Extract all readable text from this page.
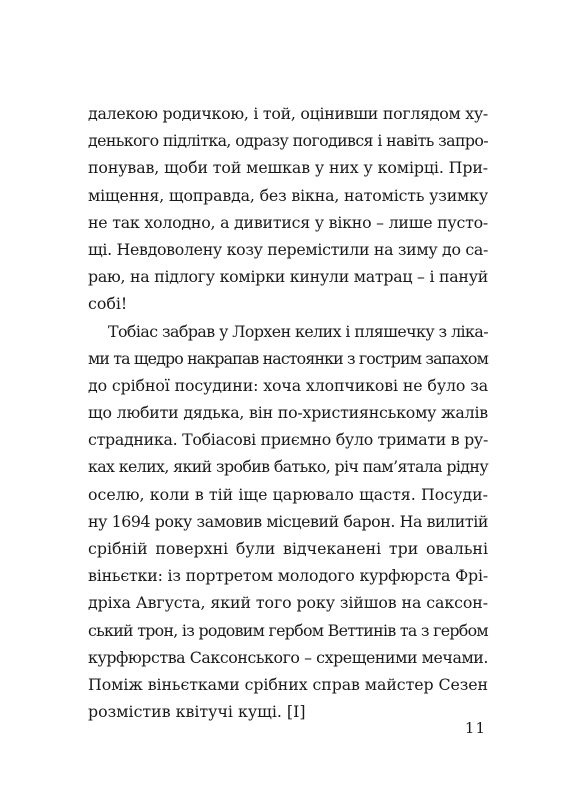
далекою родичкою, і той, оцінивши поглядом ху-
денького підлітка, одразу погодився і навіть запро-
понував, щоби той мешкав у них у комірці. При-
міщення, щоправда, без вікна, натомість узимку
не так холодно, а дивитися у вікно – лише пусто-
щі. Невдоволену козу перемістили на зиму до са-
раю, на підлогу комірки кинули матрац – і пануй
собі!
Тобіас забрав у Лорхен келих і пляшечку з ліка-
ми та щедро накрапав настоянки з гострим запахом
до срібної посудини: хоча хлопчикові не було за
що любити дядька, він по-християнському жалів
страдника. Тобіасові приємно було тримати в ру-
ках келих, який зробив батько, річ пам’ятала рідну
оселю, коли в тій іще царювало щастя. Посуди-
ну 1694 року замовив місцевий барон. На вилитій
срібній поверхні були відчеканені три овальні
віньєтки: із портретом молодого курфюрста Фрі-
дріха Августа, який того року зійшов на саксон-
ський трон, із родовим гербом Веттинів та з гербом
курфюрства Саксонського – схрещеними мечами.
Поміж віньєтками срібних справ майстер Сезен
розмістив квітучі кущі. [I]
11
